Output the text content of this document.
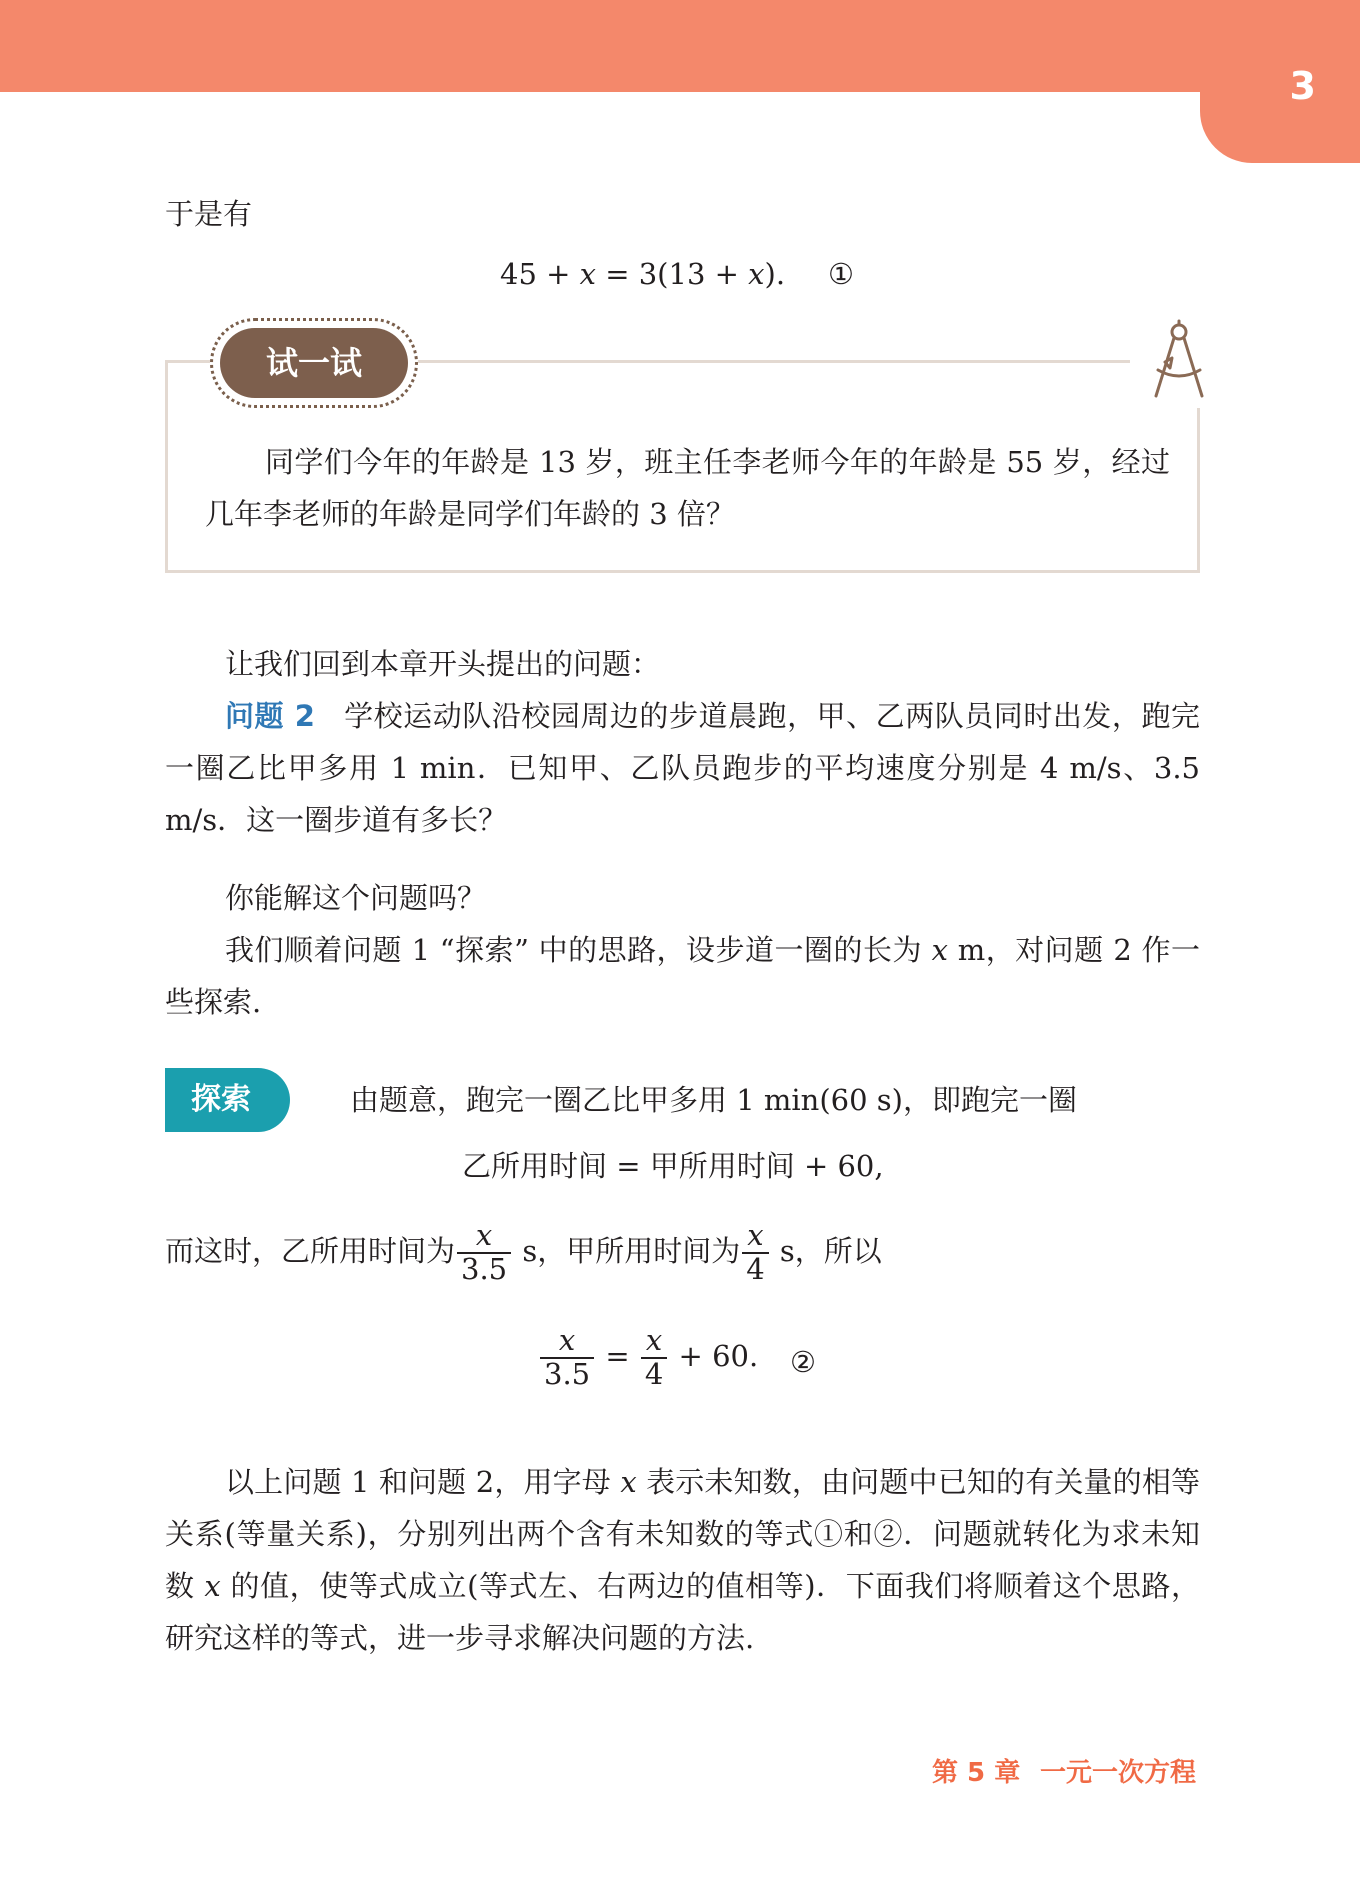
3
于是有
45 + x = 3(13 + x). ①
试一试
同学们今年的年龄是 13 岁，班主任李老师今年的年龄是 55 岁，经过几年李老师的年龄是同学们年龄的 3 倍？
让我们回到本章开头提出的问题：
问题 2 学校运动队沿校园周边的步道晨跑，甲、乙两队员同时出发，跑完一圈乙比甲多用 1 min．已知甲、乙队员跑步的平均速度分别是 4 m/s、3.5 m/s．这一圈步道有多长？
你能解这个问题吗？
我们顺着问题 1 “探索” 中的思路，设步道一圈的长为 x m，对问题 2 作一些探索.
探索	由题意，跑完一圈乙比甲多用 1 min(60 s)，即跑完一圈
乙所用时间 = 甲所用时间 + 60,
而这时，乙所用时间为 $\frac{x}{3.5}$ s，甲所用时间为 $\frac{x}{4}$ s，所以
$\frac{x}{3.5} = \frac{x}{4} + 60$. ②
以上问题 1 和问题 2，用字母 x 表示未知数，由问题中已知的有关量的相等关系(等量关系)，分别列出两个含有未知数的等式①和②．问题就转化为求未知数 x 的值，使等式成立(等式左、右两边的值相等)．下面我们将顺着这个思路，研究这样的等式，进一步寻求解决问题的方法.
第 5 章 一元一次方程
